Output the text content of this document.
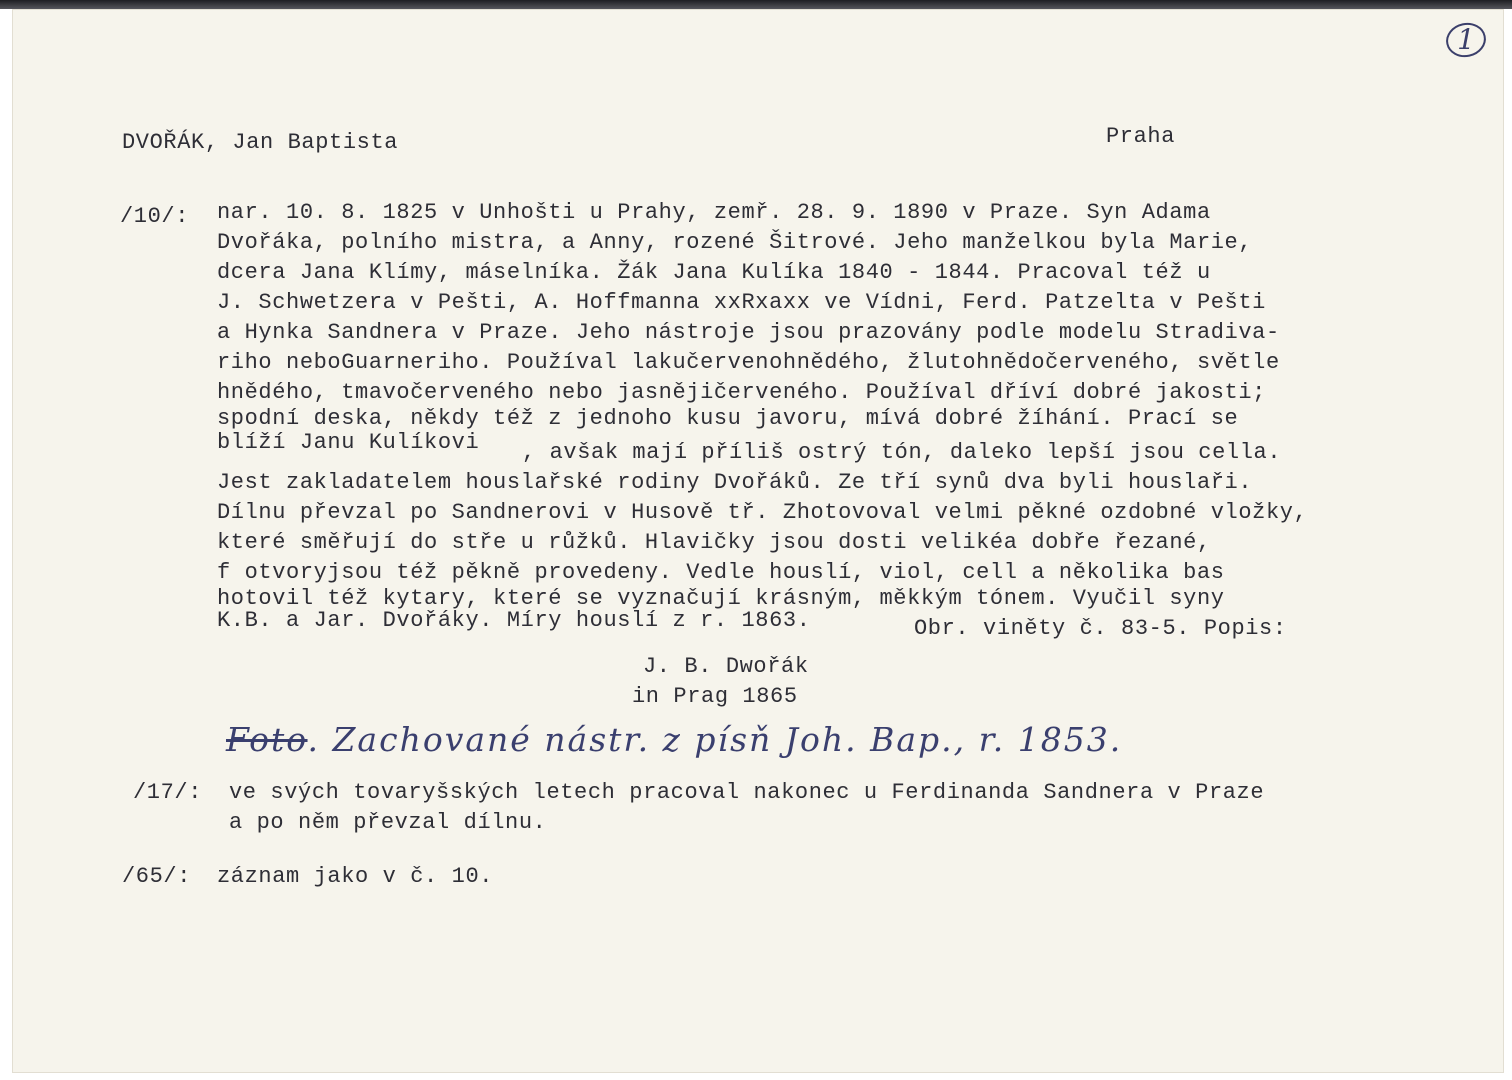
1
DVOŘÁK, Jan Baptista	Praha
/10/: nar. 10. 8. 1825 v Unhošti u Prahy, zemř. 28. 9. 1890 v Praze. Syn Adama
Dvořáka, polního mistra, a Anny, rozené Šitrové. Jeho manželkou byla Marie,
dcera Jana Klímy, máselníka. Žák Jana Kulíka 1840 - 1844. Pracoval též u
J. Schwetzera v Pešti, A. Hoffmanna xxRxaxx ve Vídni, Ferd. Patzelta v Pešti
a Hynka Sandnera v Praze. Jeho nástroje jsou prazovány podle modelu Stradiva-
riho neboGuarneriho. Používal lakučervenohnědého, žlutohnědočerveného, světle
hnědého, tmavočerveného nebo jasnějičerveného. Používal dříví dobré jakosti;
spodní deska, někdy též z jednoho kusu javoru, mívá dobré žíhání. Prací se
blíží Janu Kulíkovi , avšak mají příliš ostrý tón, daleko lepší jsou cella.
Jest zakladatelem houslařské rodiny Dvořáků. Ze tří synů dva byli houslaři.
Dílnu převzal po Sandnerovi v Husově tř. Zhotovoval velmi pěkné ozdobné vložky,
které směřují do stře u růžků. Hlavičky jsou dosti velikéa dobře řezané,
f otvoryjsou též pěkně provedeny. Vedle houslí, viol, cell a několika bas
hotovil též kytary, které se vyznačují krásným, měkkým tónem. Vyučil syny
K.B. a Jar. Dvořáky. Míry houslí z r. 1863.	Obr. viněty č. 83-5. Popis:
J. B. Dwořák
in Prag 1865
Foto. Zachované nástr. z písň Joh. Bap., r. 1853.
/17/: ve svých tovaryšských letech pracoval nakonec u Ferdinanda Sandnera v Praze
a po něm převzal dílnu.
/65/: záznam jako v č. 10.
